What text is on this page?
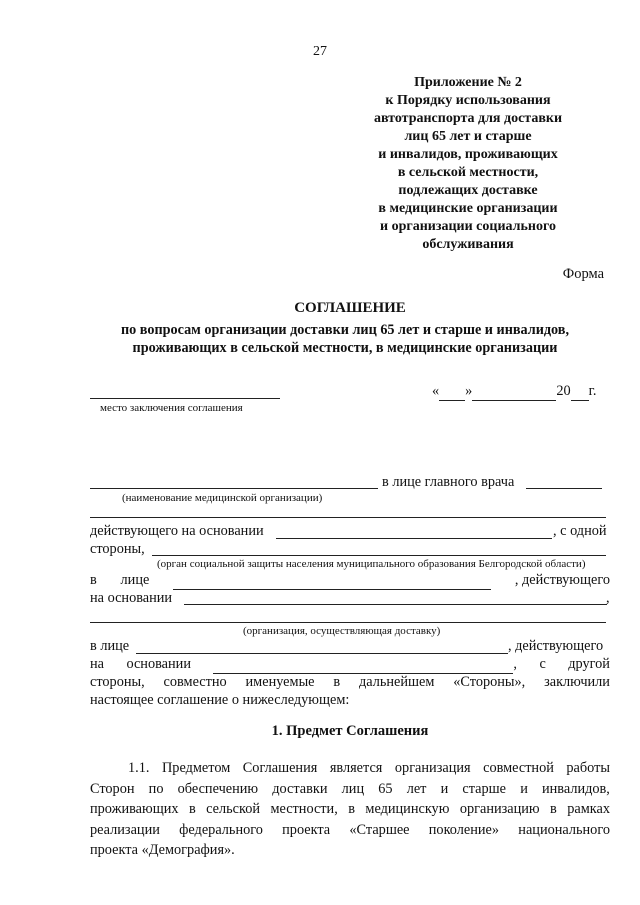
27
Приложение № 2
к Порядку использования
автотранспорта для доставки
лиц 65 лет и старше
и инвалидов, проживающих
в сельской местности,
подлежащих доставке
в медицинские организации
и организации социального
обслуживания
Форма
СОГЛАШЕНИЕ
по вопросам организации доставки лиц 65 лет и старше и инвалидов,
проживающих в сельской местности, в медицинские организации
место заключения соглашения
« »	20 г.
в лице главного врача
(наименование медицинской организации)
действующего на основании	, с одной
стороны,
(орган социальной защиты населения муниципального образования Белгородской области)
в лице
	, действующего
на основании	,
(организация, осуществляющая доставку)
в лице	, действующего
на основании	, с другой
стороны, совместно именуемые в дальнейшем «Стороны», заключили
настоящее соглашение о нижеследующем:
1. Предмет Соглашения
1.1. Предметом Соглашения является организация совместной работы
Сторон по обеспечению доставки лиц 65 лет и старше и инвалидов,
проживающих в сельской местности, в медицинскую организацию в рамках
реализации федерального проекта «Старшее поколение» национального
проекта «Демография».
